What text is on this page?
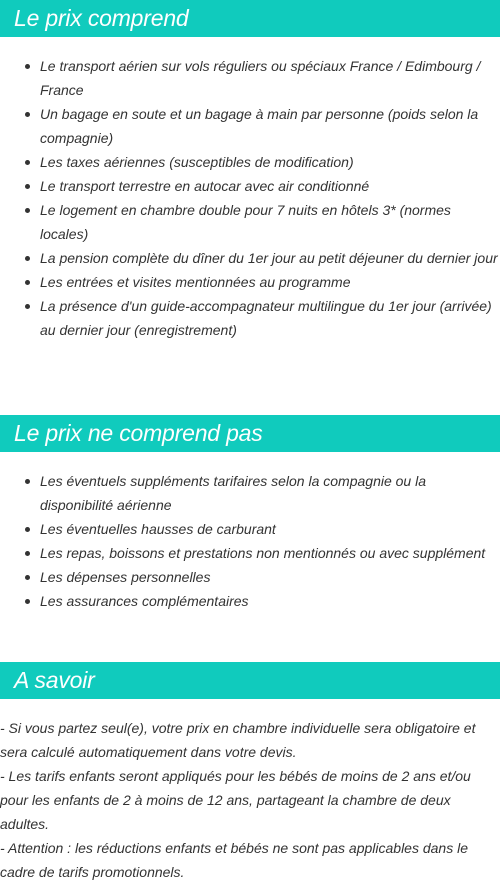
Le prix comprend
Le transport aérien sur vols réguliers ou spéciaux France / Edimbourg / France
Un bagage en soute et un bagage à main par personne (poids selon la compagnie)
Les taxes aériennes (susceptibles de modification)
Le transport terrestre en autocar avec air conditionné
Le logement en chambre double pour 7 nuits en hôtels 3* (normes locales)
La pension complète du dîner du 1er jour au petit déjeuner du dernier jour
Les entrées et visites mentionnées au programme
La présence d'un guide-accompagnateur multilingue du 1er jour (arrivée) au dernier jour (enregistrement)
Le prix ne comprend pas
Les éventuels suppléments tarifaires selon la compagnie ou la disponibilité aérienne
Les éventuelles hausses de carburant
Les repas, boissons et prestations non mentionnés ou avec supplément
Les dépenses personnelles
Les assurances complémentaires
A savoir

- Si vous partez seul(e), votre prix en chambre individuelle sera obligatoire et sera calculé automatiquement dans votre devis.

- Les tarifs enfants seront appliqués pour les bébés de moins de 2 ans et/ou pour les enfants de 2 à moins de 12 ans, partageant la chambre de deux adultes.

- Attention : les réductions enfants et bébés ne sont pas applicables dans le cadre de tarifs promotionnels.
